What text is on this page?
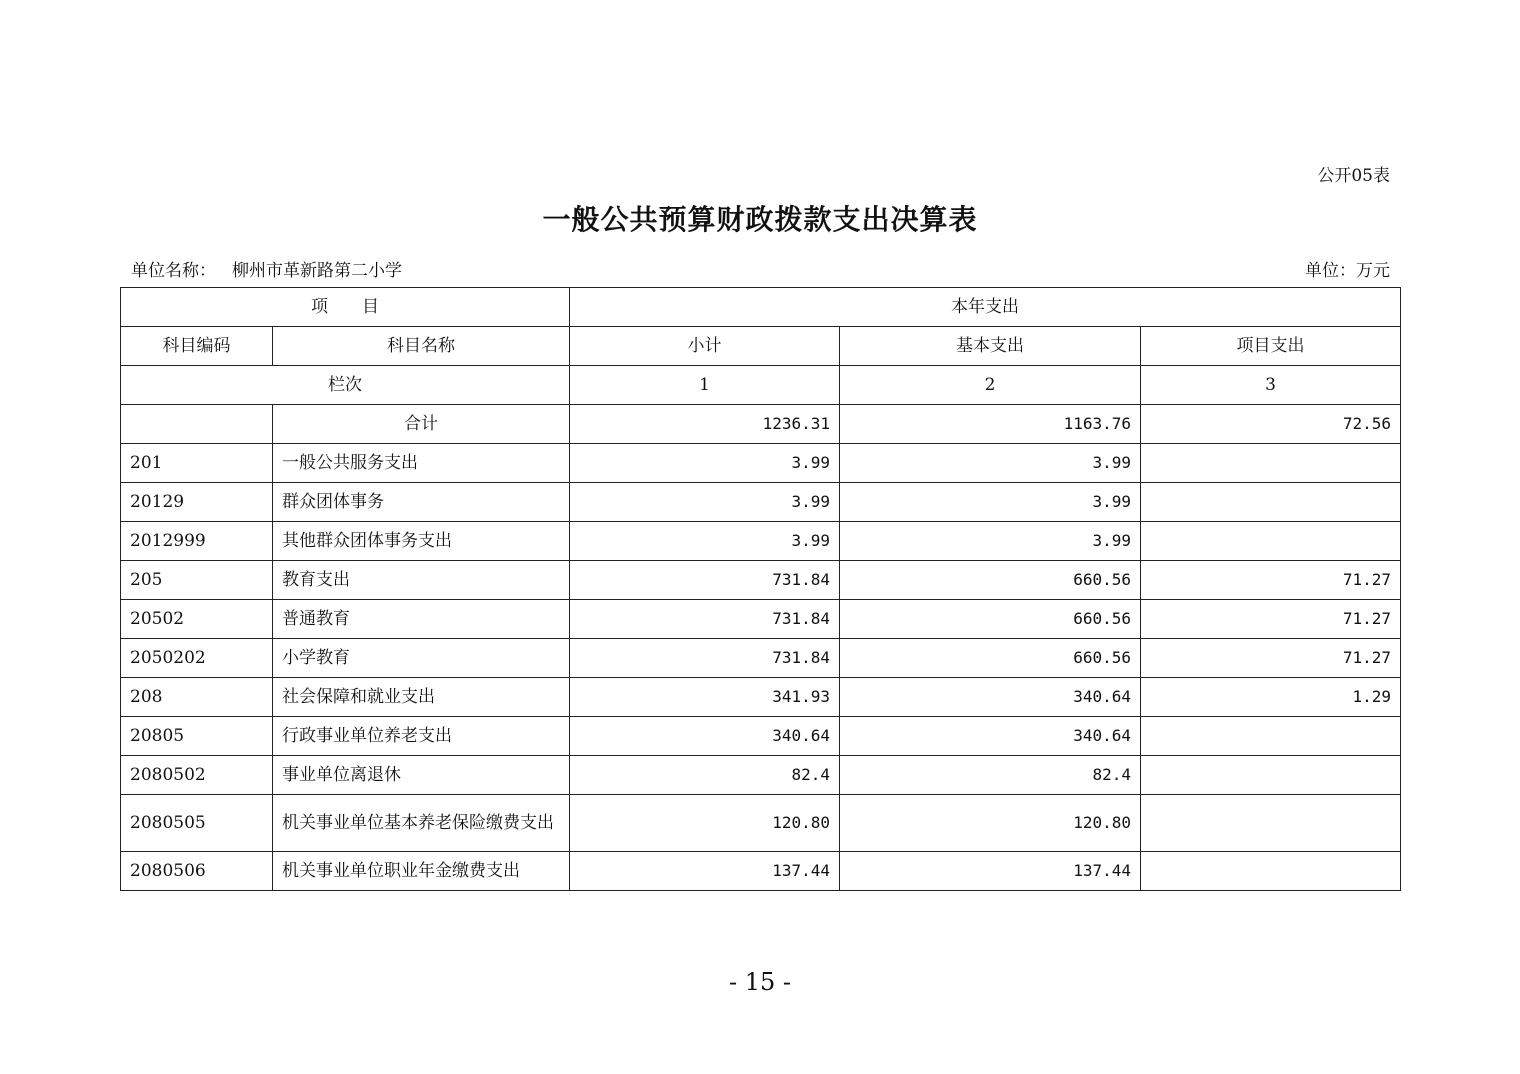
公开05表
一般公共预算财政拨款支出决算表
单位名称： 柳州市革新路第二小学	单位：万元
项　　目		本年支出		
科目编码	科目名称	小计	基本支出	项目支出
栏次		1	2	3
	合计	1236.31	1163.76	72.56
201	一般公共服务支出	3.99	3.99	
20129	群众团体事务	3.99	3.99	
2012999	其他群众团体事务支出	3.99	3.99	
205	教育支出	731.84	660.56	71.27
20502	普通教育	731.84	660.56	71.27
2050202	小学教育	731.84	660.56	71.27
208	社会保障和就业支出	341.93	340.64	1.29
20805	行政事业单位养老支出	340.64	340.64	
2080502	事业单位离退休	82.4	82.4	
2080505	机关事业单位基本养老保险缴费支出	120.80	120.80	
2080506	机关事业单位职业年金缴费支出	137.44	137.44	
- 15 -
